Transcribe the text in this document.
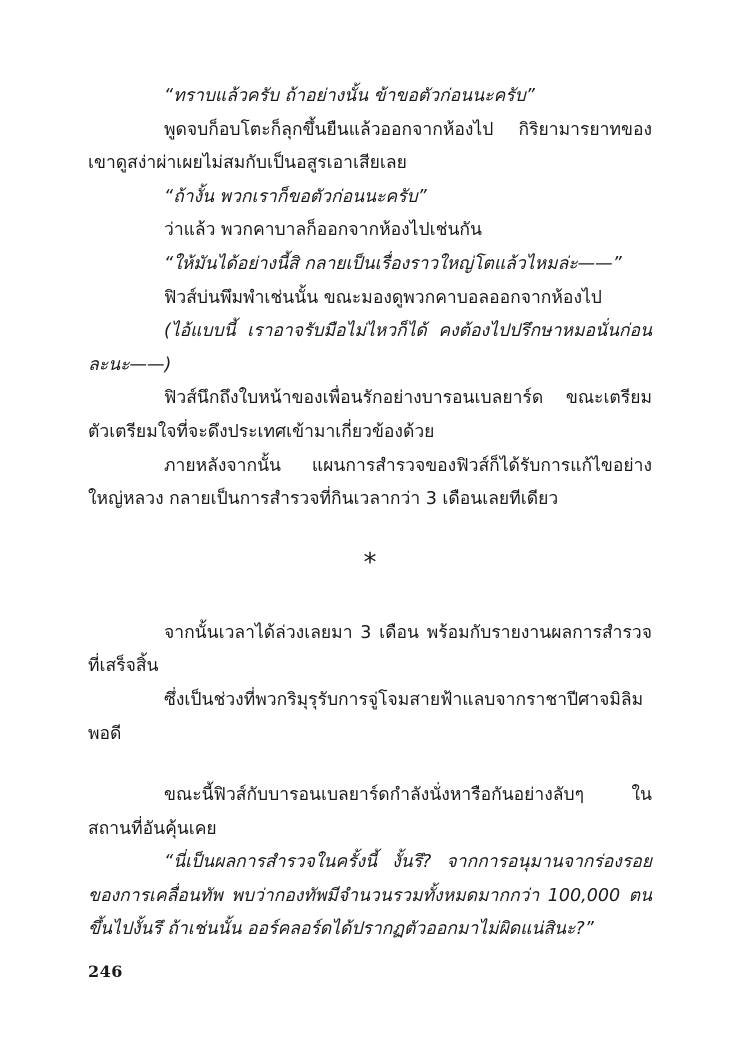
“ทราบแล้วครับ ถ้าอย่างนั้น ข้าขอตัวก่อนนะครับ”

พูดจบก็อบโตะก็ลุกขึ้นยืนแล้วออกจากห้องไป กิริยามารยาทของเขาดูสง่าผ่าเผยไม่สมกับเป็นอสูรเอาเสียเลย

“ถ้างั้น พวกเราก็ขอตัวก่อนนะครับ”

ว่าแล้ว พวกคาบาลก็ออกจากห้องไปเช่นกัน

“ให้มันได้อย่างนี้สิ กลายเป็นเรื่องราวใหญ่โตแล้วไหมล่ะ——”

ฟิวส์บ่นพึมพำเช่นนั้น ขณะมองดูพวกคาบอลออกจากห้องไป

(ไอ้แบบนี้ เราอาจรับมือไม่ไหวก็ได้ คงต้องไปปรึกษาหมอนั่นก่อนละนะ——)

ฟิวส์นึกถึงใบหน้าของเพื่อนรักอย่างบารอนเบลยาร์ด ขณะเตรียมตัวเตรียมใจที่จะดึงประเทศเข้ามาเกี่ยวข้องด้วย

ภายหลังจากนั้น แผนการสำรวจของฟิวส์ก็ได้รับการแก้ไขอย่างใหญ่หลวง กลายเป็นการสำรวจที่กินเวลากว่า 3 เดือนเลยทีเดียว

*

จากนั้นเวลาได้ล่วงเลยมา 3 เดือน พร้อมกับรายงานผลการสำรวจที่เสร็จสิ้น

ซึ่งเป็นช่วงที่พวกริมุรุรับการจู่โจมสายฟ้าแลบจากราชาปีศาจมิลิมพอดี

ขณะนี้ฟิวส์กับบารอนเบลยาร์ดกำลังนั่งหารือกันอย่างลับๆ ในสถานที่อันคุ้นเคย

“นี่เป็นผลการสำรวจในครั้งนี้ งั้นรึ? จากการอนุมานจากร่องรอยของการเคลื่อนทัพ พบว่ากองทัพมีจำนวนรวมทั้งหมดมากกว่า 100,000 ตนขึ้นไปงั้นรึ ถ้าเช่นนั้น ออร์คลอร์ดได้ปรากฏตัวออกมาไม่ผิดแน่สินะ?”

246
